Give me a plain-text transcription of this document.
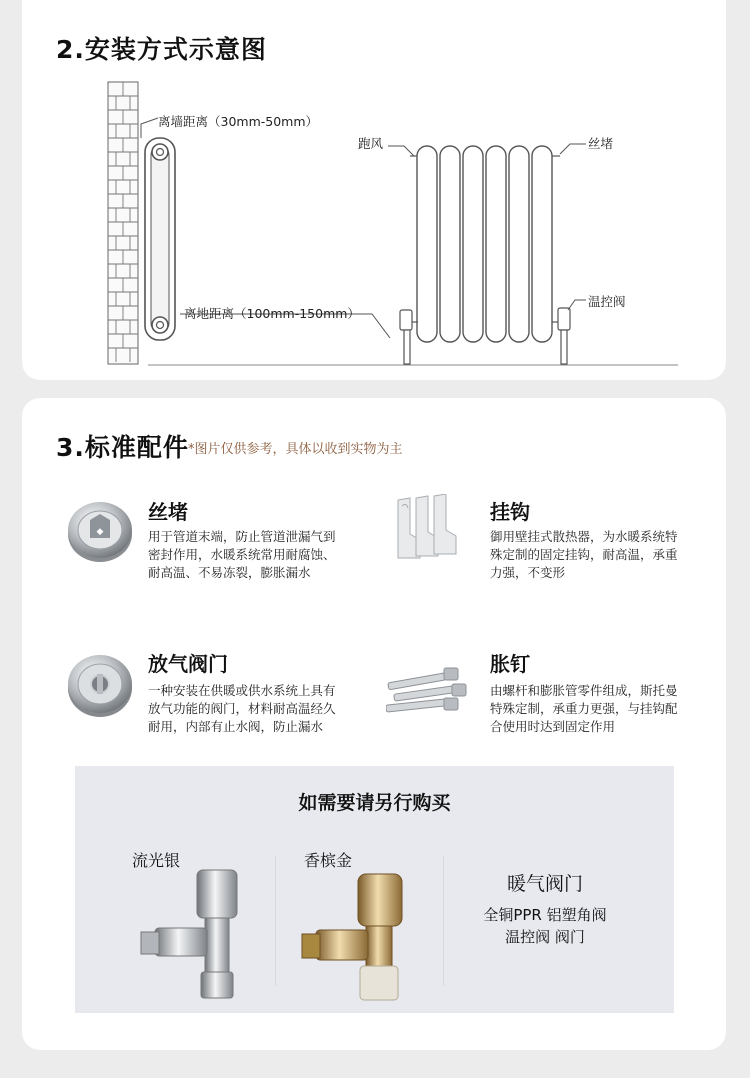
2.安装方式示意图
离墙距离（30mm-50mm）
离地距离（100mm-150mm）
跑风	丝堵
温控阀
3.标准配件 *图片仅供参考，具体以收到实物为主
◆
丝堵
用于管道末端，防止管道泄漏气到密封作用，水暖系统常用耐腐蚀、耐高温、不易冻裂，膨胀漏水
挂钩
御用壁挂式散热器，为水暖系统特殊定制的固定挂钩，耐高温，承重力强，不变形
放气阀门
一种安装在供暖或供水系统上具有放气功能的阀门，材料耐高温经久耐用，内部有止水阀，防止漏水
胀钉
由螺杆和膨胀管零件组成，斯托曼特殊定制，承重力更强，与挂钩配合使用时达到固定作用
如需要请另行购买
流光银	香槟金
暖气阀门
全铜PPR 铝塑角阀
温控阀 阀门
